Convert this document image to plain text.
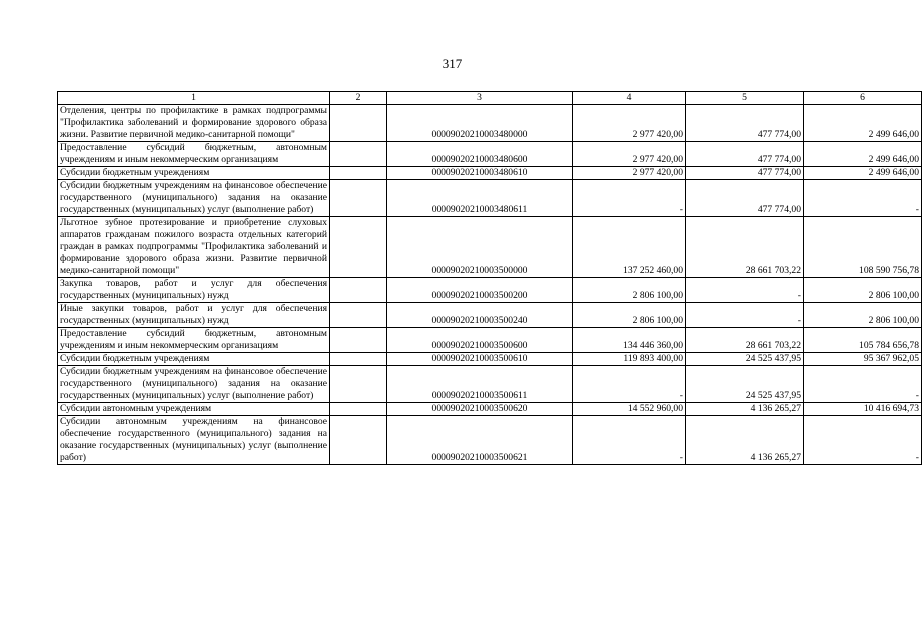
317
1	2	3	4	5	6
Отделения, центры по профилактике в рамках подпрограммы "Профилактика заболеваний и формирование здорового образа жизни. Развитие первичной медико-санитарной помощи"		00009020210003480000	2 977 420,00	477 774,00	2 499 646,00
Предоставление субсидий бюджетным, автономным учреждениям и иным некоммерческим организациям		00009020210003480600	2 977 420,00	477 774,00	2 499 646,00
Субсидии бюджетным учреждениям		00009020210003480610	2 977 420,00	477 774,00	2 499 646,00
Субсидии бюджетным учреждениям на финансовое обеспечение государственного (муниципального) задания на оказание государственных (муниципальных) услуг (выполнение работ)		00009020210003480611	-	477 774,00	-
Льготное зубное протезирование и приобретение слуховых аппаратов гражданам пожилого возраста отдельных категорий граждан в рамках подпрограммы "Профилактика заболеваний и формирование здорового образа жизни. Развитие первичной медико-санитарной помощи"		00009020210003500000	137 252 460,00	28 661 703,22	108 590 756,78
Закупка товаров, работ и услуг для обеспечения государственных (муниципальных) нужд		00009020210003500200	2 806 100,00	-	2 806 100,00
Иные закупки товаров, работ и услуг для обеспечения государственных (муниципальных) нужд		00009020210003500240	2 806 100,00	-	2 806 100,00
Предоставление субсидий бюджетным, автономным учреждениям и иным некоммерческим организациям		00009020210003500600	134 446 360,00	28 661 703,22	105 784 656,78
Субсидии бюджетным учреждениям		00009020210003500610	119 893 400,00	24 525 437,95	95 367 962,05
Субсидии бюджетным учреждениям на финансовое обеспечение государственного (муниципального) задания на оказание государственных (муниципальных) услуг (выполнение работ)		00009020210003500611	-	24 525 437,95	-
Субсидии автономным учреждениям		00009020210003500620	14 552 960,00	4 136 265,27	10 416 694,73
Субсидии автономным учреждениям на финансовое обеспечение государственного (муниципального) задания на оказание государственных (муниципальных) услуг (выполнение работ)		00009020210003500621	-	4 136 265,27	-
